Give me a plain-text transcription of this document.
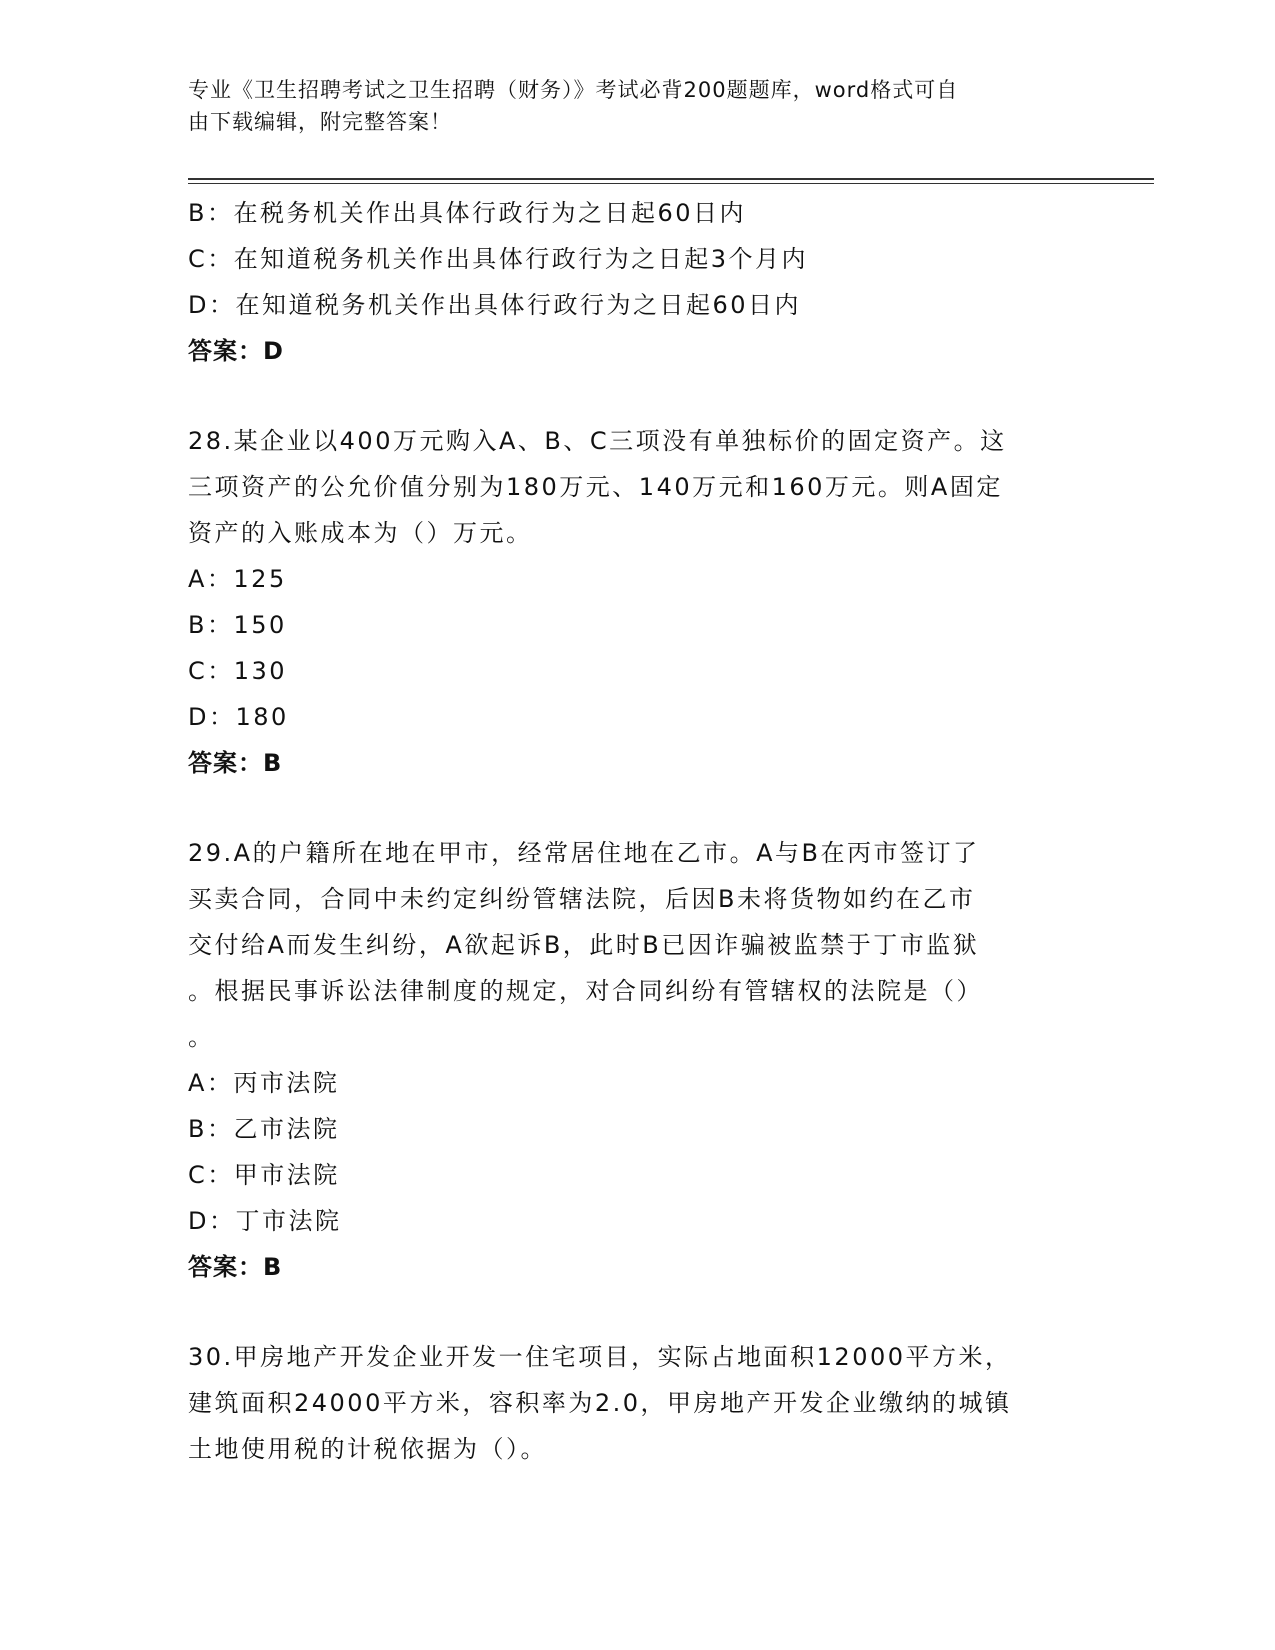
专业《卫生招聘考试之卫生招聘（财务）》考试必背200题题库，word格式可自
由下载编辑，附完整答案！
B：在税务机关作出具体行政行为之日起60日内
C：在知道税务机关作出具体行政行为之日起3个月内
D：在知道税务机关作出具体行政行为之日起60日内
答案：D
28.某企业以400万元购入A、B、C三项没有单独标价的固定资产。这
三项资产的公允价值分别为180万元、140万元和160万元。则A固定
资产的入账成本为（）万元。
A：125
B：150
C：130
D：180
答案：B
29.A的户籍所在地在甲市，经常居住地在乙市。A与B在丙市签订了
买卖合同，合同中未约定纠纷管辖法院，后因B未将货物如约在乙市
交付给A而发生纠纷，A欲起诉B，此时B已因诈骗被监禁于丁市监狱
。根据民事诉讼法律制度的规定，对合同纠纷有管辖权的法院是（）
。
A：丙市法院
B：乙市法院
C：甲市法院
D：丁市法院
答案：B
30.甲房地产开发企业开发一住宅项目，实际占地面积12000平方米，
建筑面积24000平方米，容积率为2.0，甲房地产开发企业缴纳的城镇
土地使用税的计税依据为（）。
